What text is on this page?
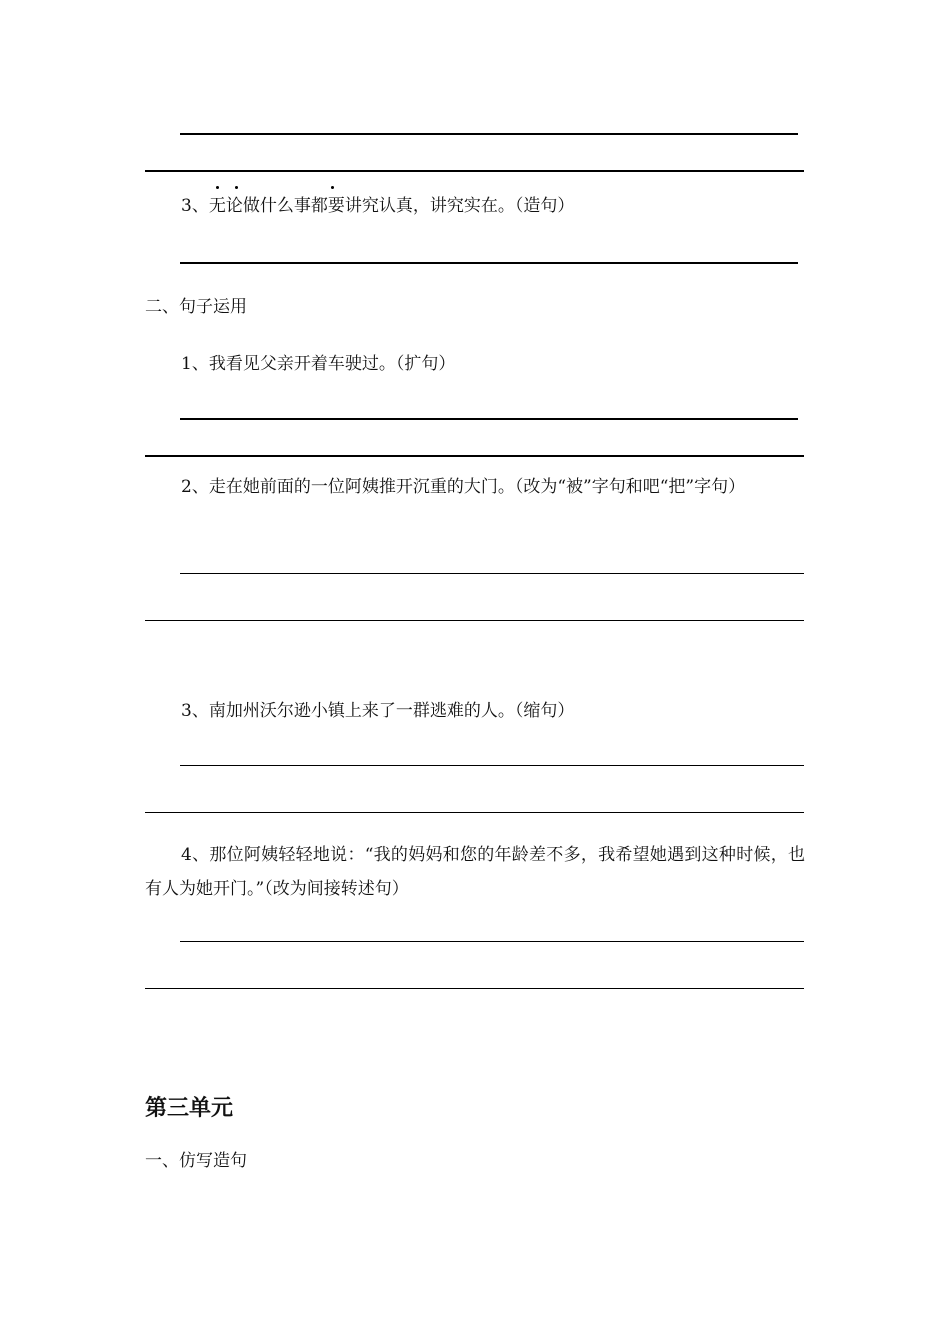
3、无论做什么事都要讲究认真，讲究实在。（造句）
二、句子运用
1、我看见父亲开着车驶过。（扩句）
2、走在她前面的一位阿姨推开沉重的大门。（改为“被”字句和吧“把”字句）
3、南加州沃尔逊小镇上来了一群逃难的人。（缩句）
4、那位阿姨轻轻地说：“我的妈妈和您的年龄差不多，我希望她遇到这种时候，也有人为她开门。”（改为间接转述句）
第三单元
一、仿写造句
